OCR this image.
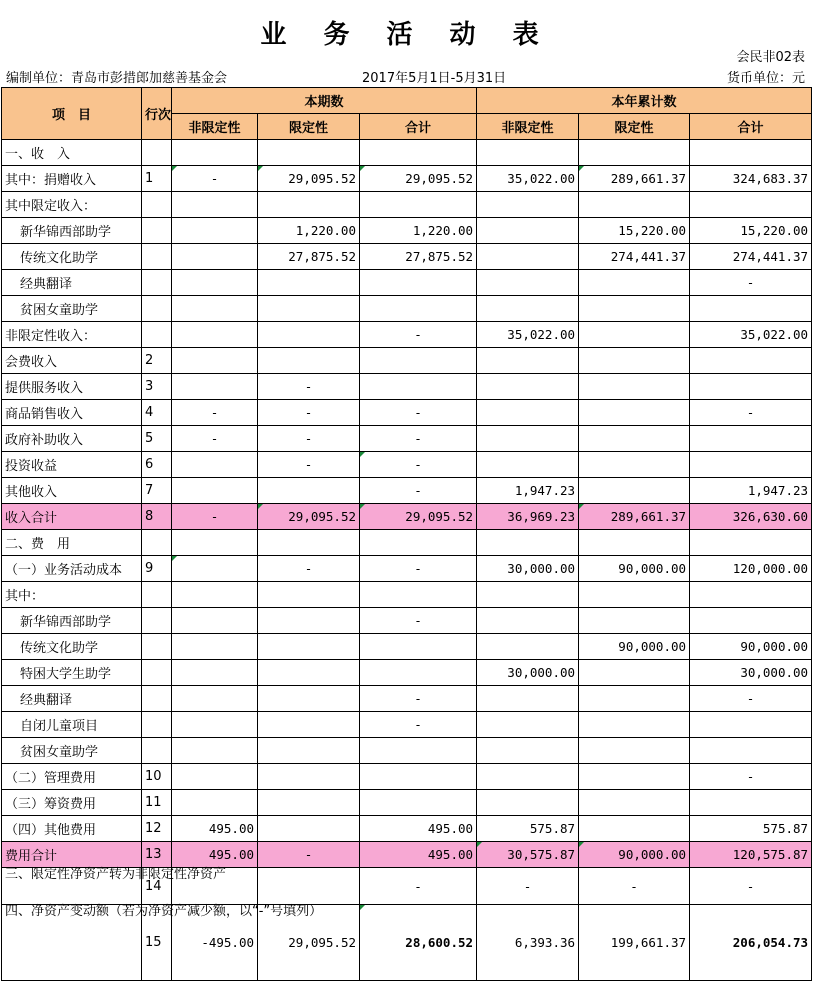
业 务 活 动 表
会民非02表
编制单位：青岛市彭措郎加慈善基金会	2017年5月1日-5月31日	货币单位：元
项　目	行次	本期数			本年累计数		
		非限定性	限定性	合计	非限定性	限定性	合计
一、收　入							
其中：捐赠收入	1	-	29,095.52	29,095.52	35,022.00	289,661.37	324,683.37
其中限定收入：							
新华锦西部助学			1,220.00	1,220.00		15,220.00	15,220.00
传统文化助学			27,875.52	27,875.52		274,441.37	274,441.37
经典翻译							-
贫困女童助学							
非限定性收入：				-	35,022.00		35,022.00
会费收入	2						
提供服务收入	3		-				
商品销售收入	4	-	-	-			-
政府补助收入	5	-	-	-			
投资收益	6		-	-			
其他收入	7			-	1,947.23		1,947.23
收入合计	8	-	29,095.52	29,095.52	36,969.23	289,661.37	326,630.60
二、费　用							
（一）业务活动成本	9		-	-	30,000.00	90,000.00	120,000.00
其中：							
新华锦西部助学				-			
传统文化助学						90,000.00	90,000.00
特困大学生助学					30,000.00		30,000.00
经典翻译				-			-
自闭儿童项目				-			
贫困女童助学							
（二）管理费用	10						-
（三）筹资费用	11						
（四）其他费用	12	495.00		495.00	575.87		575.87
费用合计	13	495.00	-	495.00	30,575.87	90,000.00	120,575.87
三、限定性净资产转为非限定性净资产	14			-	-	-	-
四、净资产变动额（若为净资产减少额，以“-”号填列）	15	-495.00	29,095.52	28,600.52	6,393.36	199,661.37	206,054.73
